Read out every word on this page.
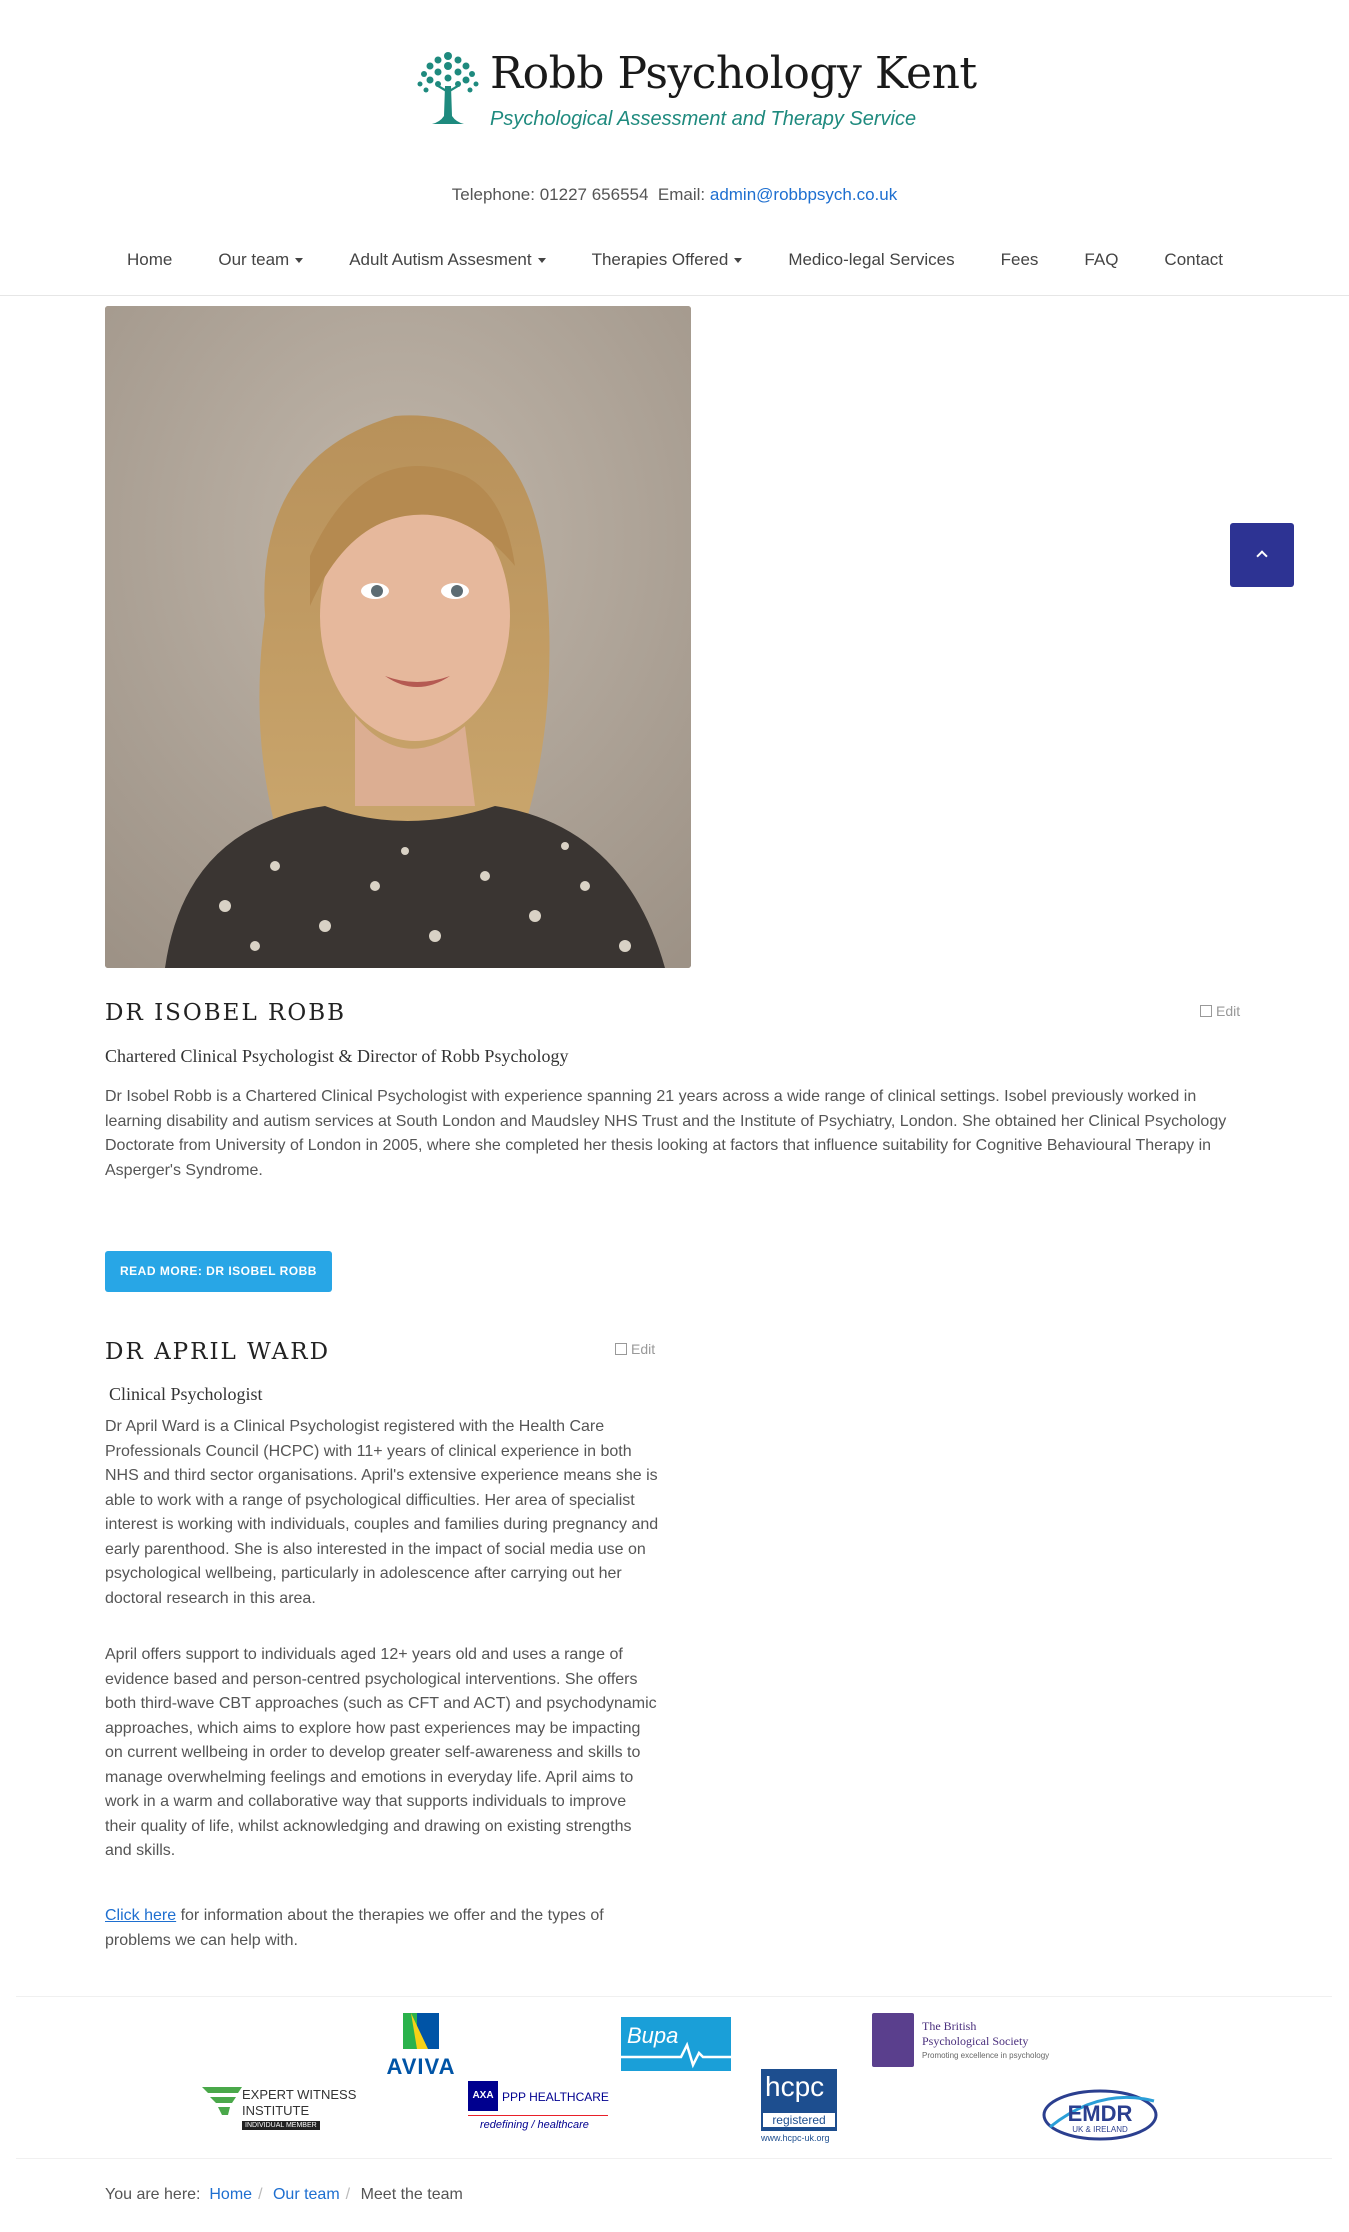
Robb Psychology Kent
Psychological Assessment and Therapy Service
Telephone: 01227 656554 Email: admin@robbpsych.co.uk
Home	Our team	Adult Autism Assesment	Therapies Offered	Medico-legal Services	Fees	FAQ	Contact
DR ISOBEL ROBB	Edit
Chartered Clinical Psychologist & Director of Robb Psychology
Dr Isobel Robb is a Chartered Clinical Psychologist with experience spanning 21 years across a wide range of clinical settings. Isobel previously worked in learning disability and autism services at South London and Maudsley NHS Trust and the Institute of Psychiatry, London. She obtained her Clinical Psychology Doctorate from University of London in 2005, where she completed her thesis looking at factors that influence suitability for Cognitive Behavioural Therapy in Asperger's Syndrome.
READ MORE: DR ISOBEL ROBB
DR APRIL WARD	Edit
Clinical Psychologist
Dr April Ward is a Clinical Psychologist registered with the Health Care Professionals Council (HCPC) with 11+ years of clinical experience in both NHS and third sector organisations. April's extensive experience means she is able to work with a range of psychological difficulties. Her area of specialist interest is working with individuals, couples and families during pregnancy and early parenthood. She is also interested in the impact of social media use on psychological wellbeing, particularly in adolescence after carrying out her doctoral research in this area.
April offers support to individuals aged 12+ years old and uses a range of evidence based and person-centred psychological interventions. She offers both third-wave CBT approaches (such as CFT and ACT) and psychodynamic approaches, which aims to explore how past experiences may be impacting on current wellbeing in order to develop greater self-awareness and skills to manage overwhelming feelings and emotions in everyday life. April aims to work in a warm and collaborative way that supports individuals to improve their quality of life, whilst acknowledging and drawing on existing strengths and skills.
Click here for information about the therapies we offer and the types of problems we can help with.
AVIVA
Bupa	The British
Psychological Society
Promoting excellence in psychology
EXPERT WITNESS
INSTITUTE
INDIVIDUAL MEMBER
AXA PPP HEALTHCARE
redefining / healthcare
hcpc
registered
www.hcpc-uk.org
EMDR
UK & IRELAND
You are here: Home / Our team / Meet the team
